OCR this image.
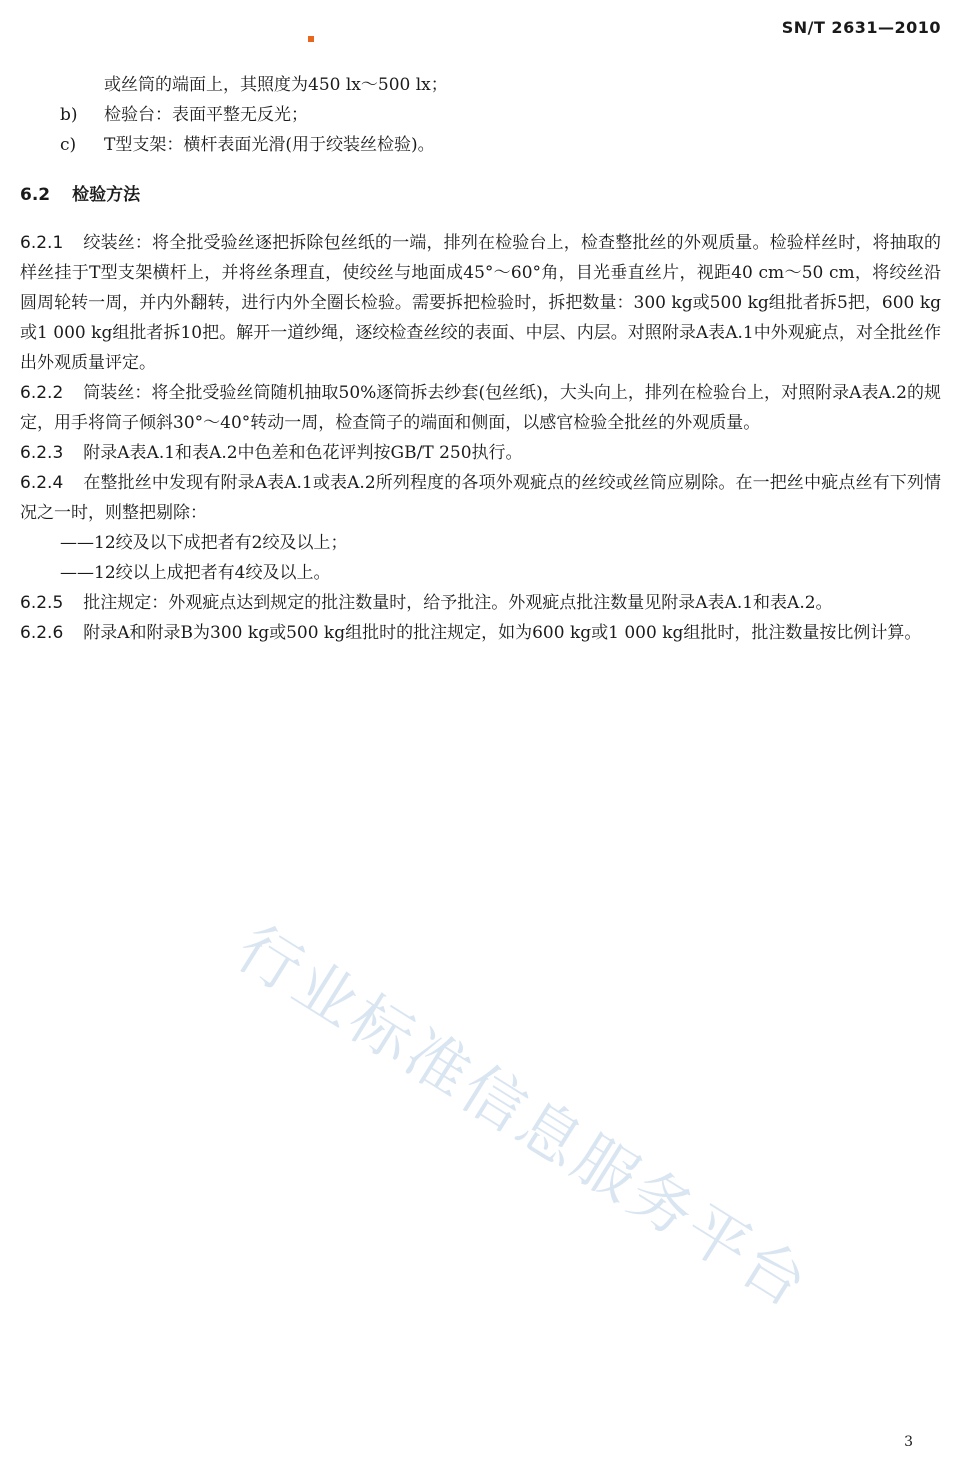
SN/T 2631—2010

或丝筒的端面上，其照度为450 lx～500 lx；

b)	检验台：表面平整无反光；
c)	T型支架：横杆表面光滑(用于绞装丝检验)。
6.2 检验方法

6.2.1 绞装丝：将全批受验丝逐把拆除包丝纸的一端，排列在检验台上，检查整批丝的外观质量。检验样丝时，将抽取的样丝挂于T型支架横杆上，并将丝条理直，使绞丝与地面成45°～60°角，目光垂直丝片，视距40 cm～50 cm，将绞丝沿圆周轮转一周，并内外翻转，进行内外全圈长检验。需要拆把检验时，拆把数量：300 kg或500 kg组批者拆5把，600 kg或1 000 kg组批者拆10把。解开一道纱绳，逐绞检查丝绞的表面、中层、内层。对照附录A表A.1中外观疵点，对全批丝作出外观质量评定。

6.2.2 筒装丝：将全批受验丝筒随机抽取50%逐筒拆去纱套(包丝纸)，大头向上，排列在检验台上，对照附录A表A.2的规定，用手将筒子倾斜30°～40°转动一周，检查筒子的端面和侧面，以感官检验全批丝的外观质量。

6.2.3 附录A表A.1和表A.2中色差和色花评判按GB/T 250执行。

6.2.4 在整批丝中发现有附录A表A.1或表A.2所列程度的各项外观疵点的丝绞或丝筒应剔除。在一把丝中疵点丝有下列情况之一时，则整把剔除：

——12绞及以下成把者有2绞及以上；
——12绞以上成把者有4绞及以上。

6.2.5 批注规定：外观疵点达到规定的批注数量时，给予批注。外观疵点批注数量见附录A表A.1和表A.2。

6.2.6 附录A和附录B为300 kg或500 kg组批时的批注规定，如为600 kg或1 000 kg组批时，批注数量按比例计算。

行业标准信息服务平台
3
